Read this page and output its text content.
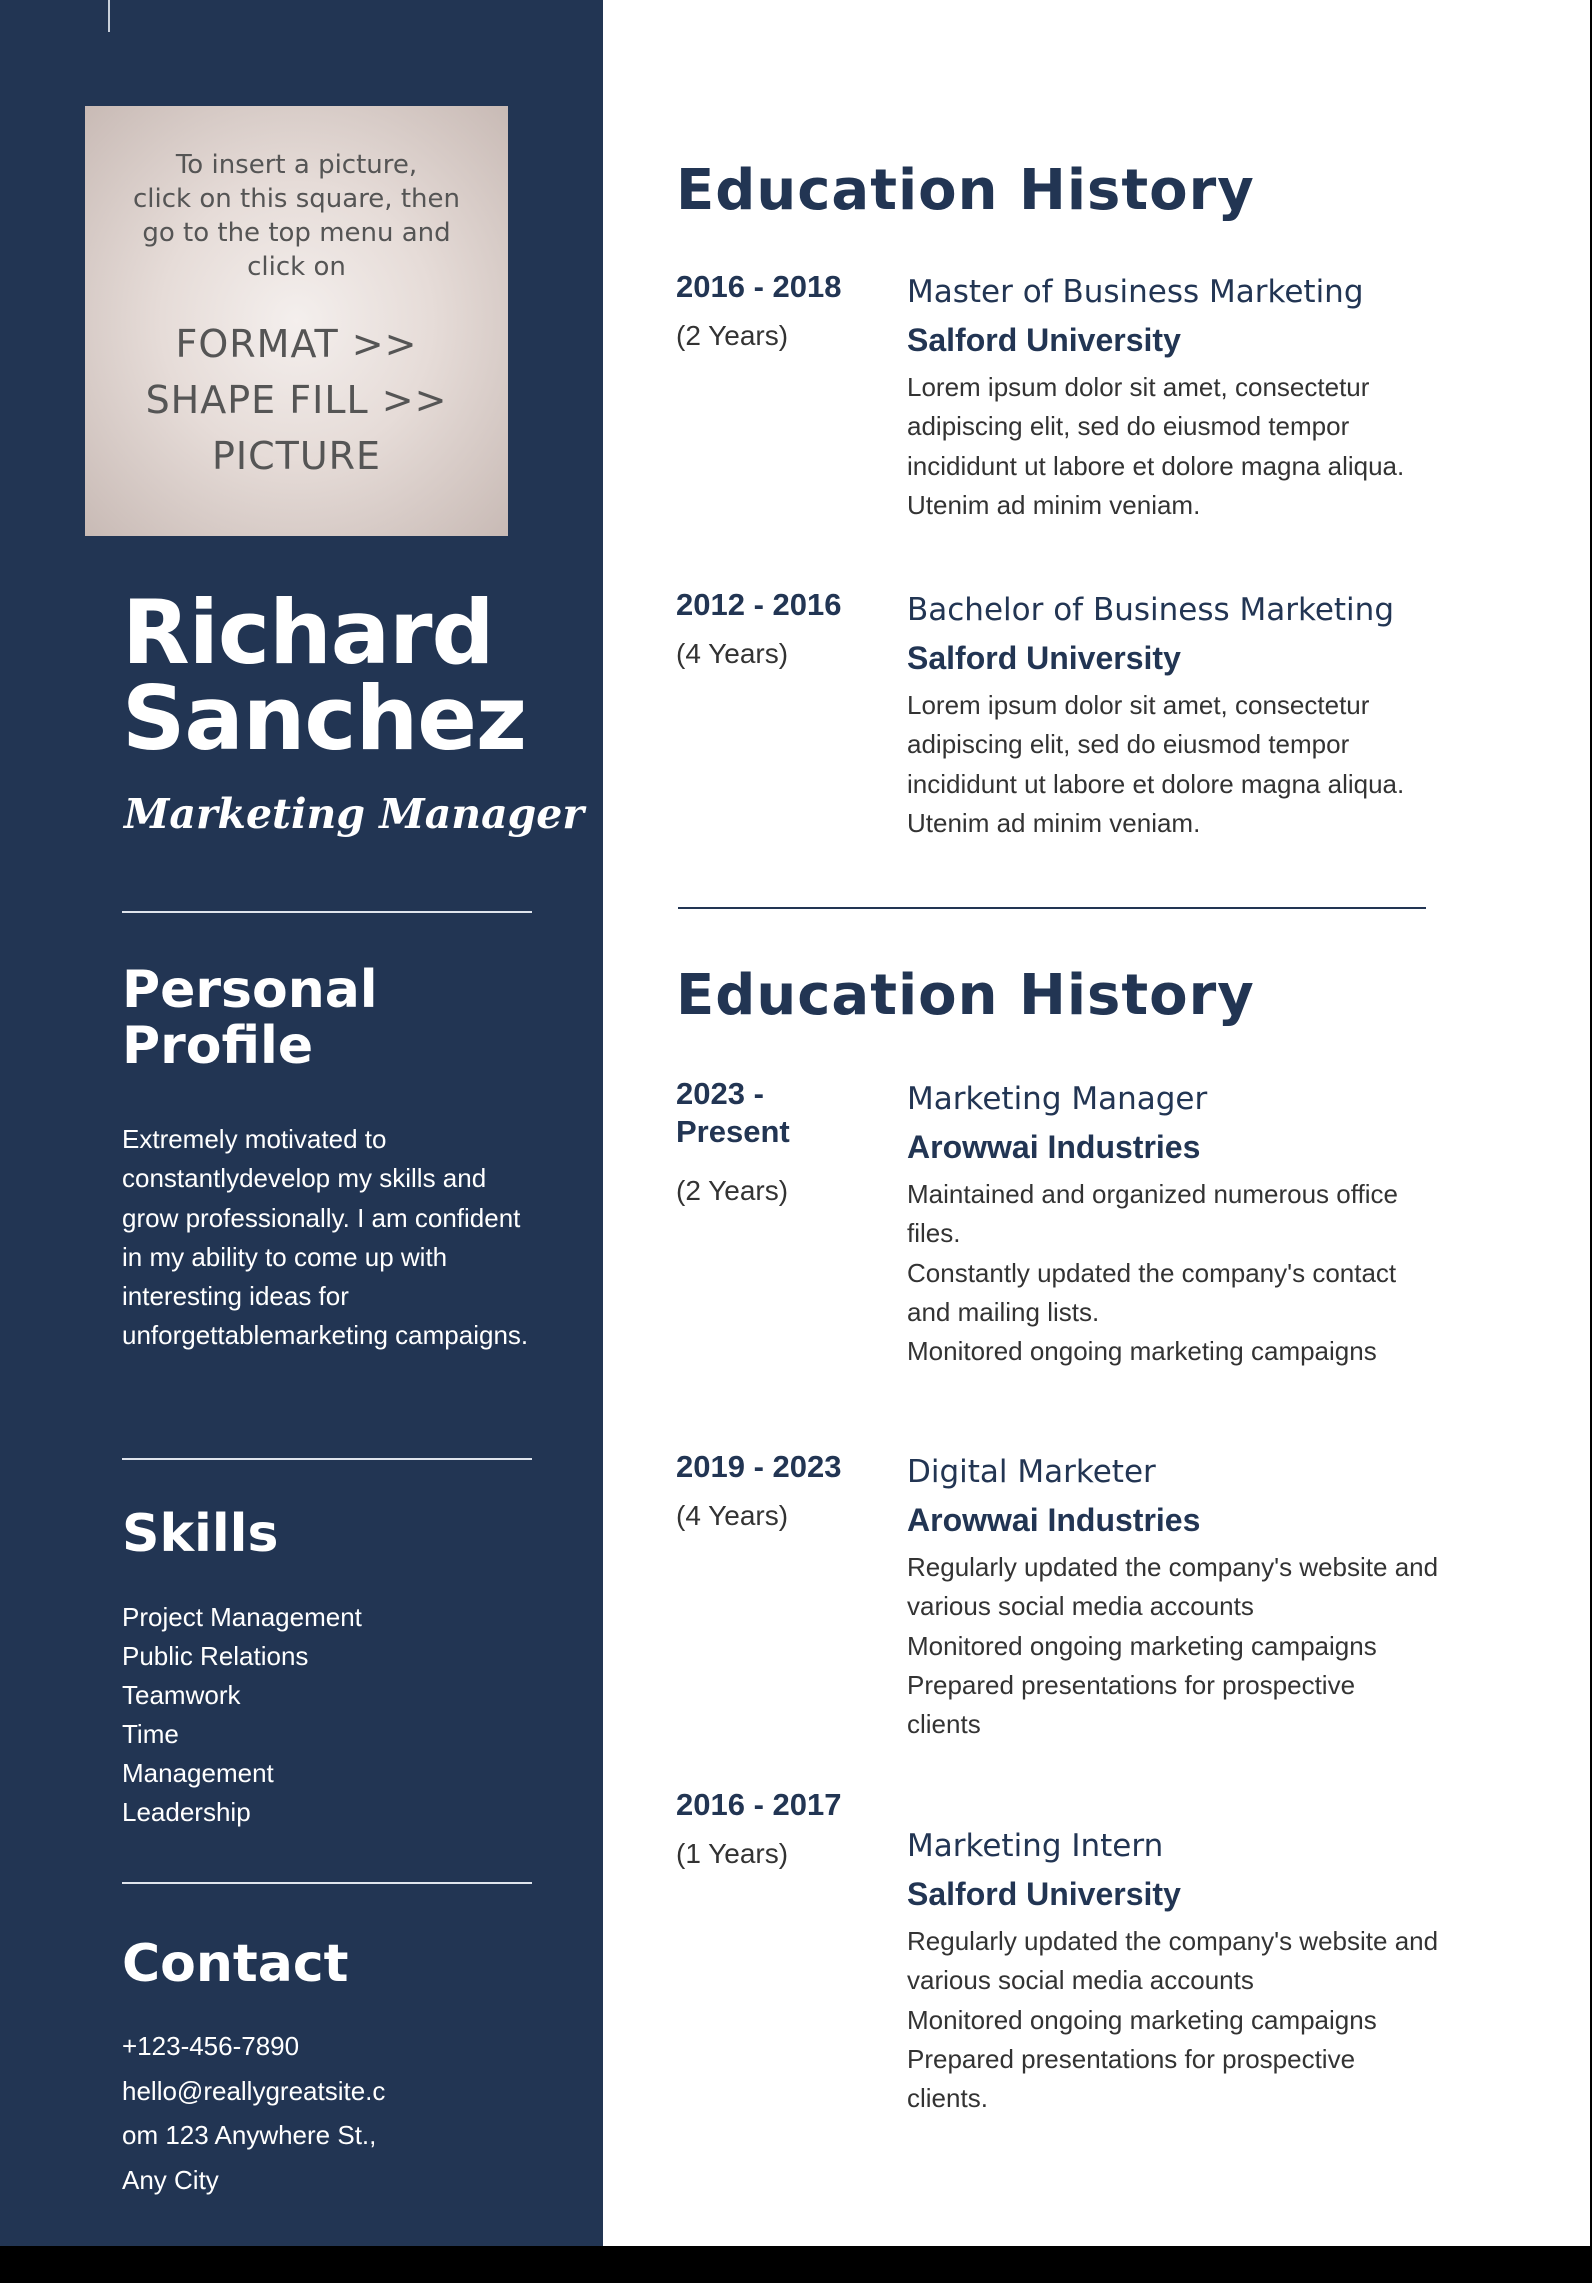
To insert a picture,
click on this square, then
go to the top menu and
click on
FORMAT >>
SHAPE FILL >>
PICTURE
Richard
Sanchez
Marketing Manager
Personal
Profile
Extremely motivated to constantlydevelop my skills and grow professionally. I am confident in my ability to come up with interesting ideas for unforgettablemarketing campaigns.
Skills
Project Management
Public Relations
Teamwork
Time
Management
Leadership
Contact
+123-456-7890
hello@reallygreatsite.c
om 123 Anywhere St.,
Any City
Education History
2016 - 2018
(2 Years)
Master of Business Marketing
Salford University
Lorem ipsum dolor sit amet, consectetur
adipiscing elit, sed do eiusmod tempor
incididunt ut labore et dolore magna aliqua.
Utenim ad minim veniam.
2012 - 2016
(4 Years)
Bachelor of Business Marketing
Salford University
Lorem ipsum dolor sit amet, consectetur
adipiscing elit, sed do eiusmod tempor
incididunt ut labore et dolore magna aliqua.
Utenim ad minim veniam.
Education History
2023 - Present
(2 Years)
Marketing Manager
Arowwai Industries
Maintained and organized numerous office
files.
Constantly updated the company's contact
and mailing lists.
Monitored ongoing marketing campaigns
2019 - 2023
(4 Years)
Digital Marketer
Arowwai Industries
Regularly updated the company's website and
various social media accounts
Monitored ongoing marketing campaigns
Prepared presentations for prospective
clients
2016 - 2017
(1 Years)	Marketing Intern
Salford University
Regularly updated the company's website and
various social media accounts
Monitored ongoing marketing campaigns
Prepared presentations for prospective
clients.
